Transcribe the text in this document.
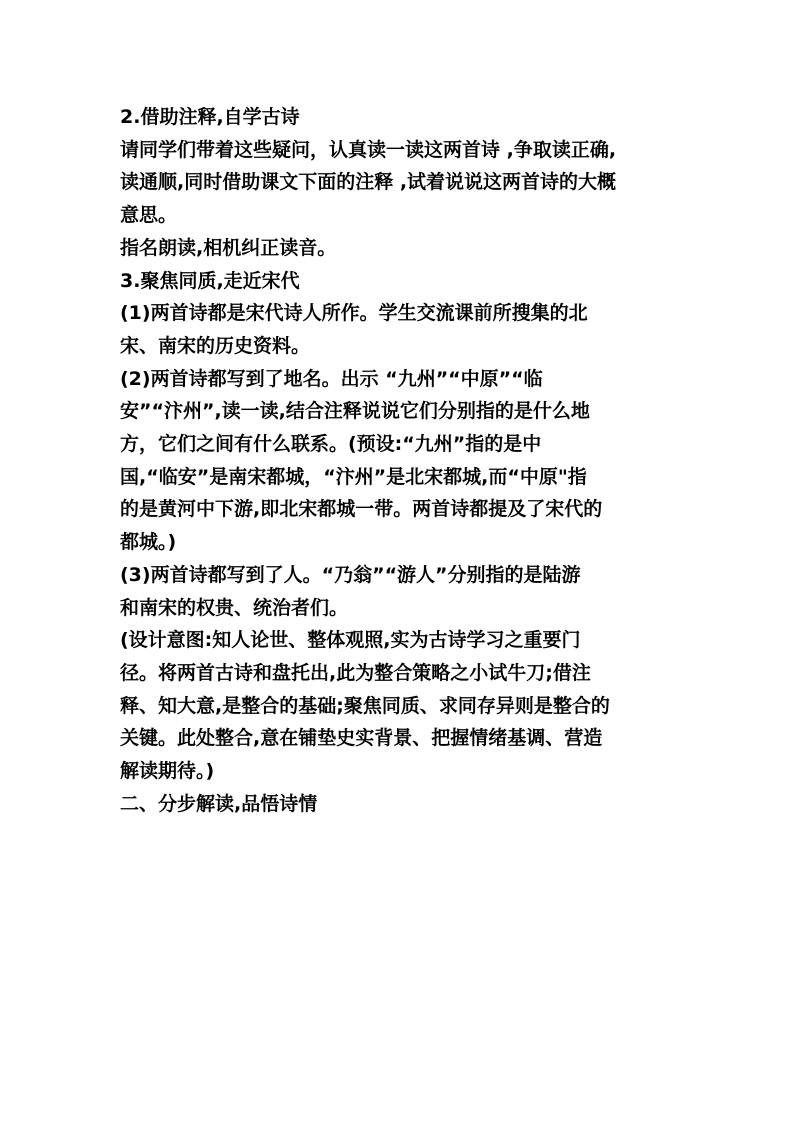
2.借助注释,自学古诗
请同学们带着这些疑问，认真读一读这两首诗 ,争取读正确,
读通顺,同时借助课文下面的注释 ,试着说说这两首诗的大概
意思。
指名朗读,相机纠正读音。
3.聚焦同质,走近宋代
(1)两首诗都是宋代诗人所作。学生交流课前所搜集的北
宋、南宋的历史资料。
(2)两首诗都写到了地名。出示 “九州”“中原”“临
安”“汴州”,读一读,结合注释说说它们分别指的是什么地
方，它们之间有什么联系。(预设:“九州”指的是中
国,“临安”是南宋都城，“汴州”是北宋都城,而“中原"指
的是黄河中下游,即北宋都城一带。两首诗都提及了宋代的
都城。)
(3)两首诗都写到了人。“乃翁”“游人”分别指的是陆游
和南宋的权贵、统治者们。
(设计意图:知人论世、整体观照,实为古诗学习之重要门
径。将两首古诗和盘托出,此为整合策略之小试牛刀;借注
释、知大意,是整合的基础;聚焦同质、求同存异则是整合的
关键。此处整合,意在铺垫史实背景、把握情绪基调、营造
解读期待。)
二、分步解读,品悟诗情
